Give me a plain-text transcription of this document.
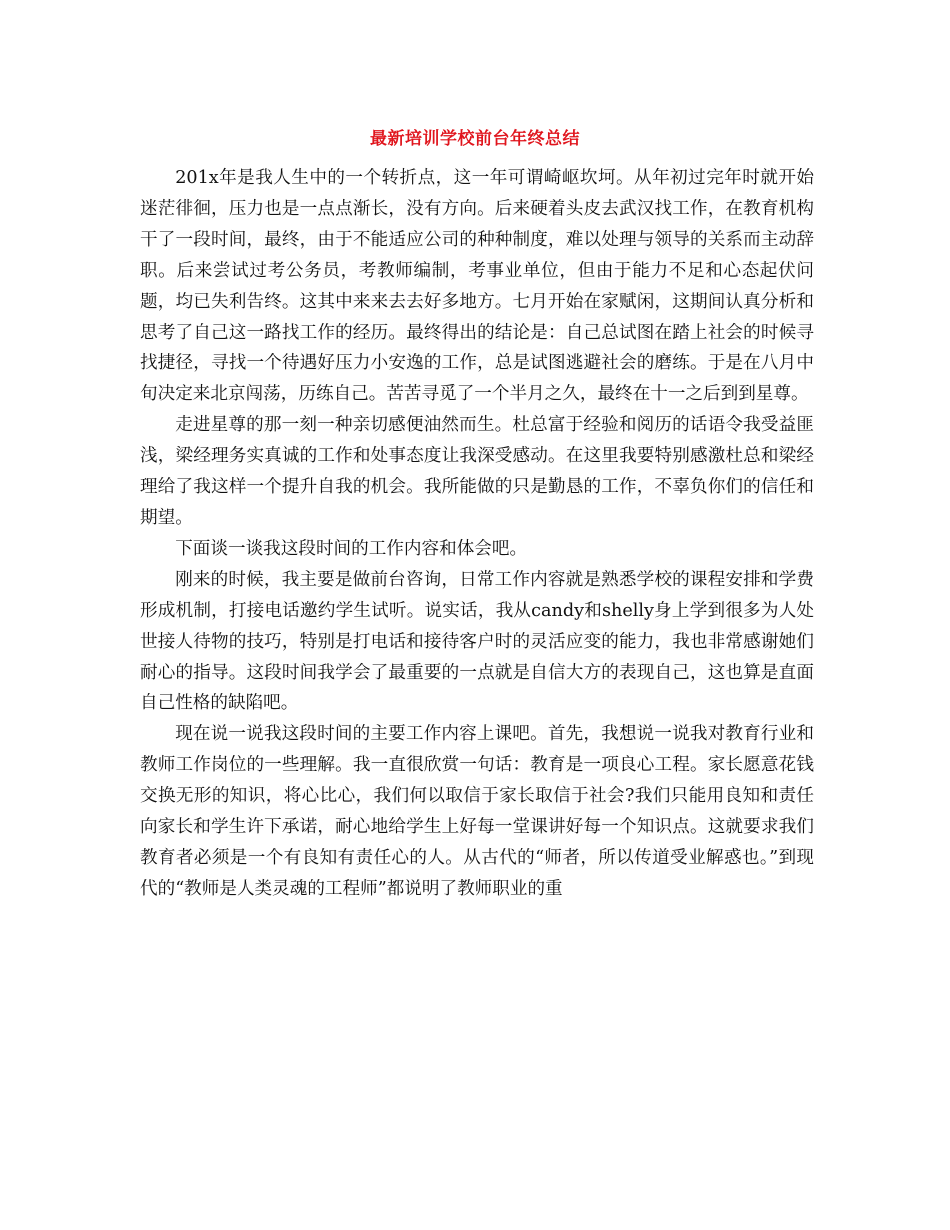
最新培训学校前台年终总结

201x年是我人生中的一个转折点，这一年可谓崎岖坎坷。从年初过完年时就开始迷茫徘徊，压力也是一点点渐长，没有方向。后来硬着头皮去武汉找工作，在教育机构干了一段时间，最终，由于不能适应公司的种种制度，难以处理与领导的关系而主动辞职。后来尝试过考公务员，考教师编制，考事业单位，但由于能力不足和心态起伏问题，均已失利告终。这其中来来去去好多地方。七月开始在家赋闲，这期间认真分析和思考了自己这一路找工作的经历。最终得出的结论是：自己总试图在踏上社会的时候寻找捷径，寻找一个待遇好压力小安逸的工作，总是试图逃避社会的磨练。于是在八月中旬决定来北京闯荡，历练自己。苦苦寻觅了一个半月之久，最终在十一之后到到星尊。

走进星尊的那一刻一种亲切感便油然而生。杜总富于经验和阅历的话语令我受益匪浅，梁经理务实真诚的工作和处事态度让我深受感动。在这里我要特别感激杜总和梁经理给了我这样一个提升自我的机会。我所能做的只是勤恳的工作，不辜负你们的信任和期望。

下面谈一谈我这段时间的工作内容和体会吧。

刚来的时候，我主要是做前台咨询，日常工作内容就是熟悉学校的课程安排和学费形成机制，打接电话邀约学生试听。说实话，我从candy和shelly身上学到很多为人处世接人待物的技巧，特别是打电话和接待客户时的灵活应变的能力，我也非常感谢她们耐心的指导。这段时间我学会了最重要的一点就是自信大方的表现自己，这也算是直面自己性格的缺陷吧。

现在说一说我这段时间的主要工作内容上课吧。首先，我想说一说我对教育行业和教师工作岗位的一些理解。我一直很欣赏一句话：教育是一项良心工程。家长愿意花钱交换无形的知识，将心比心，我们何以取信于家长取信于社会?我们只能用良知和责任向家长和学生许下承诺，耐心地给学生上好每一堂课讲好每一个知识点。这就要求我们教育者必须是一个有良知有责任心的人。从古代的“师者，所以传道受业解惑也。”到现代的“教师是人类灵魂的工程师”都说明了教师职业的重
